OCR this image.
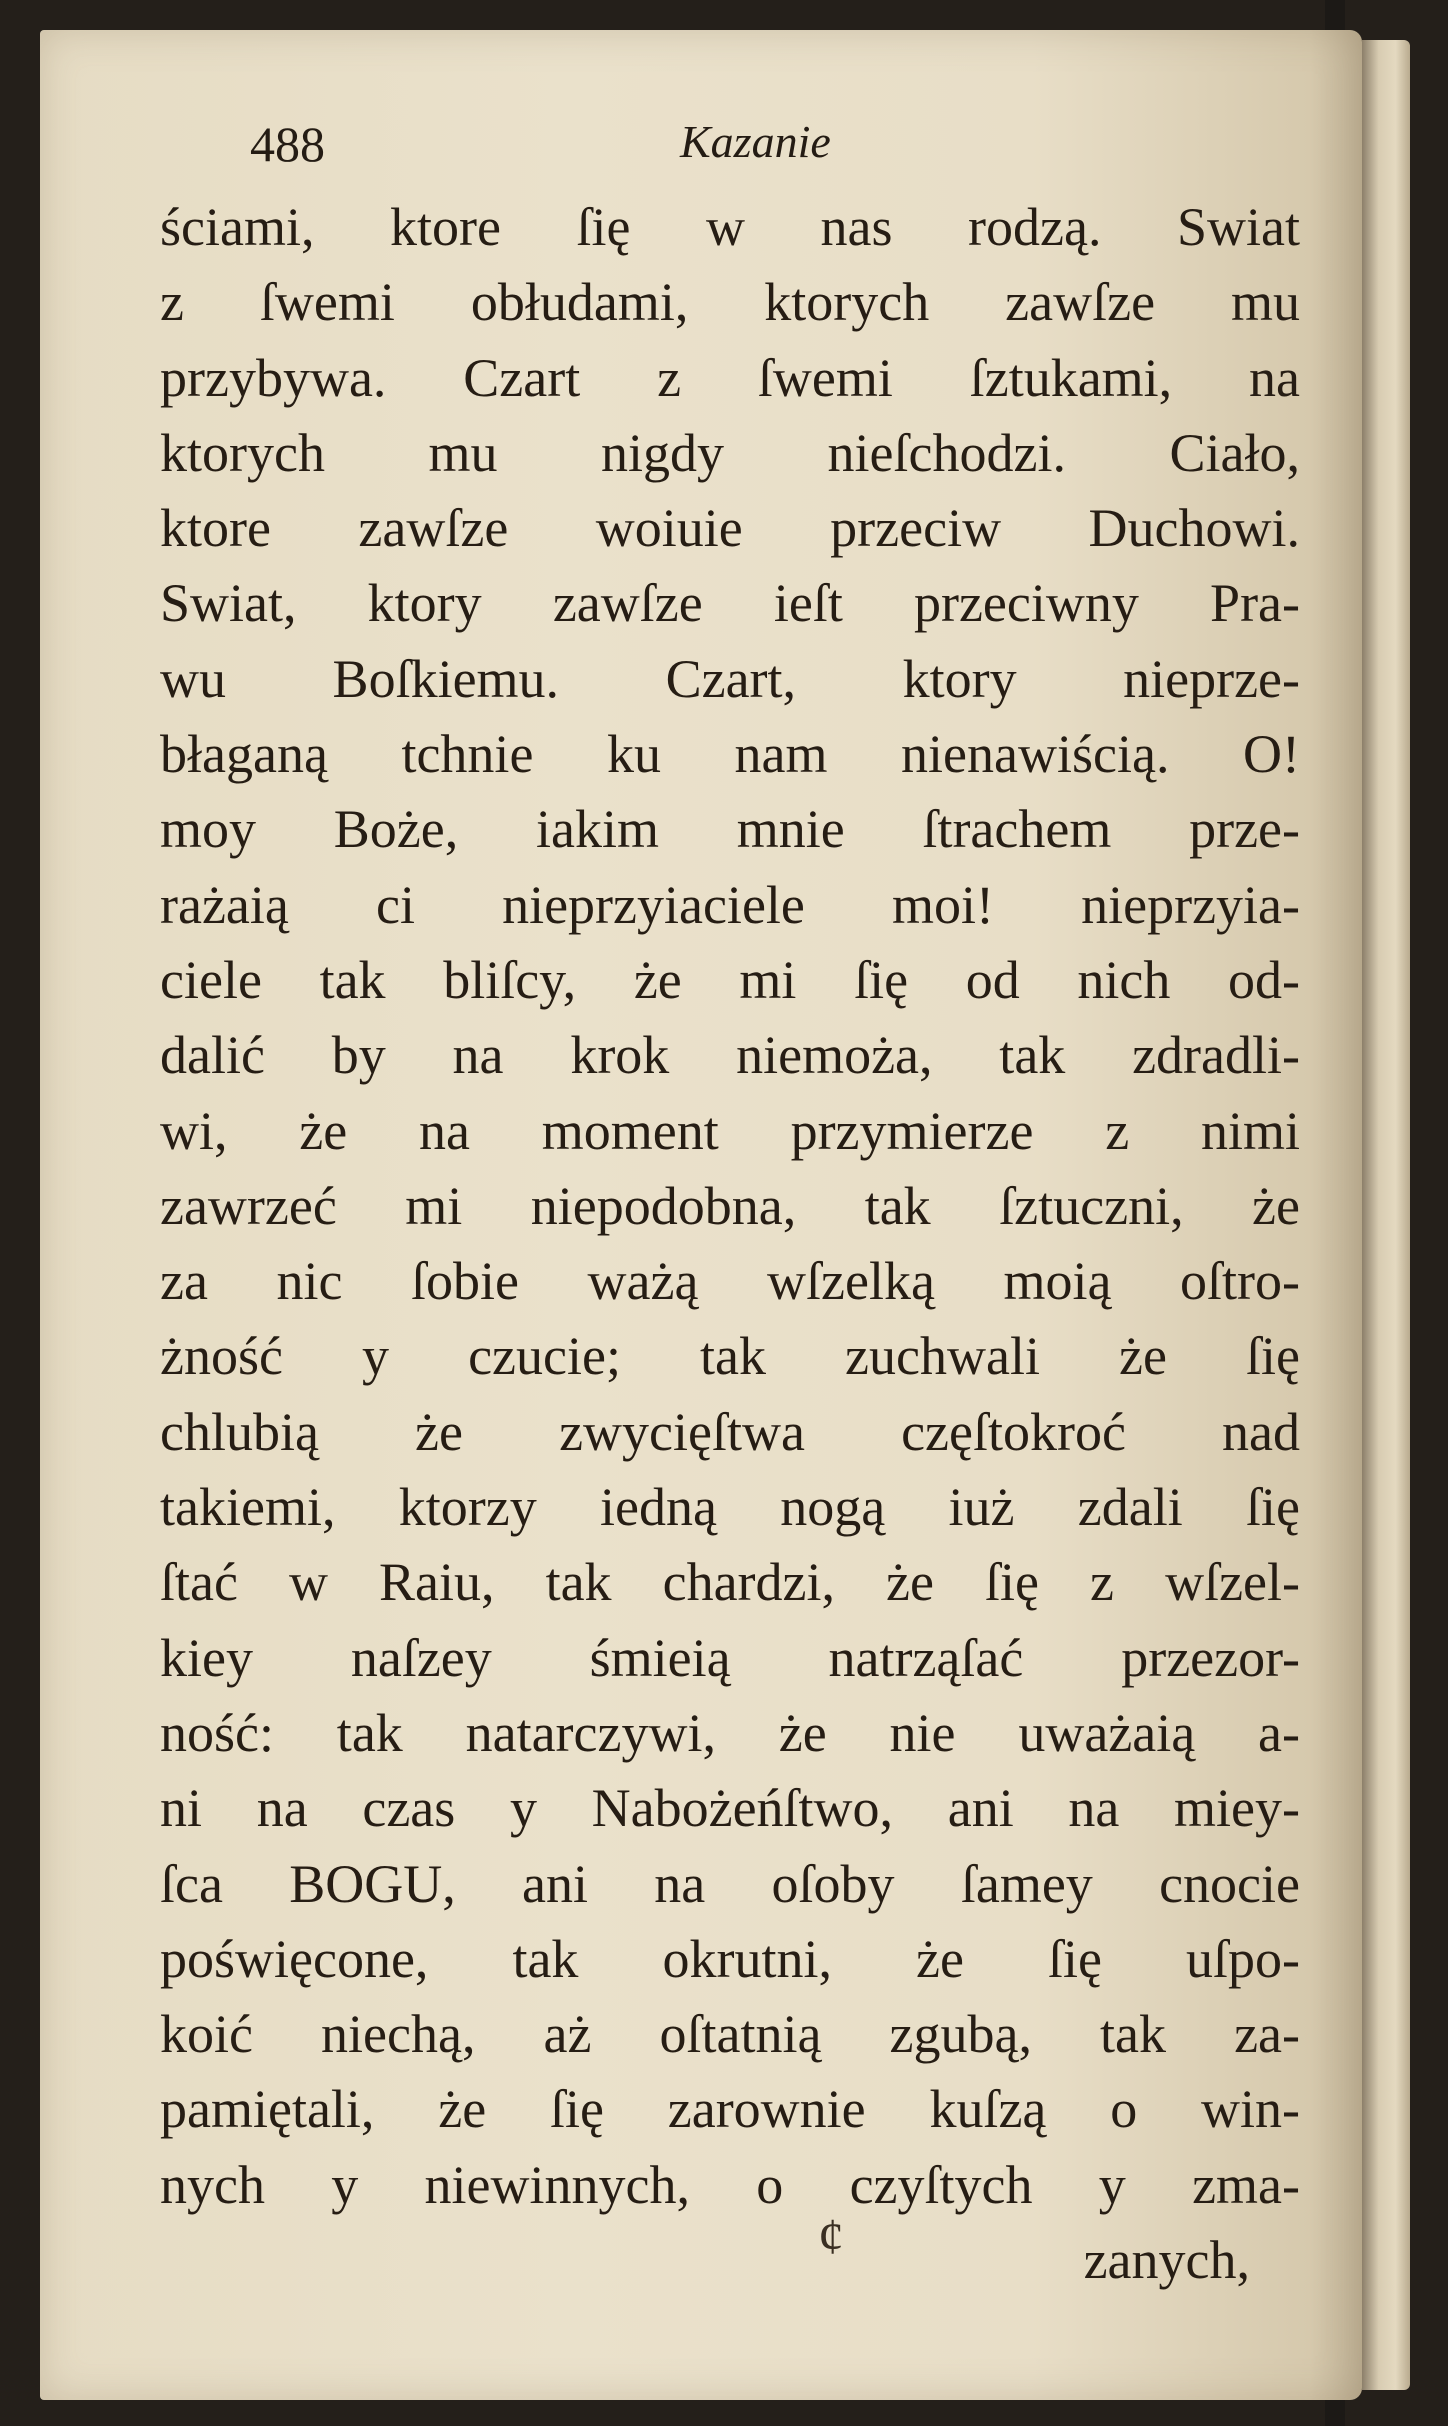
488	Kazanie
ściami, ktore ſię w nas rodzą. Swiat
z ſwemi obłudami, ktorych zawſze mu
przybywa. Czart z ſwemi ſztukami, na
ktorych mu nigdy nieſchodzi. Ciało,
ktore zawſze woiuie przeciw Duchowi.
Swiat, ktory zawſze ieſt przeciwny Pra-
wu Boſkiemu. Czart, ktory nieprze-
błaganą tchnie ku nam nienawiścią. O!
moy Boże, iakim mnie ſtrachem prze-
rażaią ci nieprzyiaciele moi! nieprzyia-
ciele tak bliſcy, że mi ſię od nich od-
dalić by na krok niemoża, tak zdradli-
wi, że na moment przymierze z nimi
zawrzeć mi niepodobna, tak ſztuczni, że
za nic ſobie ważą wſzelką moią oſtro-
żność y czucie; tak zuchwali że ſię
chlubią że zwycięſtwa częſtokroć nad
takiemi, ktorzy iedną nogą iuż zdali ſię
ſtać w Raiu, tak chardzi, że ſię z wſzel-
kiey naſzey śmieią natrząſać przezor-
ność: tak natarczywi, że nie uważaią a-
ni na czas y Nabożeńſtwo, ani na miey-
ſca BOGU, ani na oſoby ſamey cnocie
poświęcone, tak okrutni, że ſię uſpo-
koić niechą, aż oſtatnią zgubą, tak za-
pamiętali, że ſię zarownie kuſzą o win-
nych y niewinnych, o czyſtych y zma-
zanych,
¢
